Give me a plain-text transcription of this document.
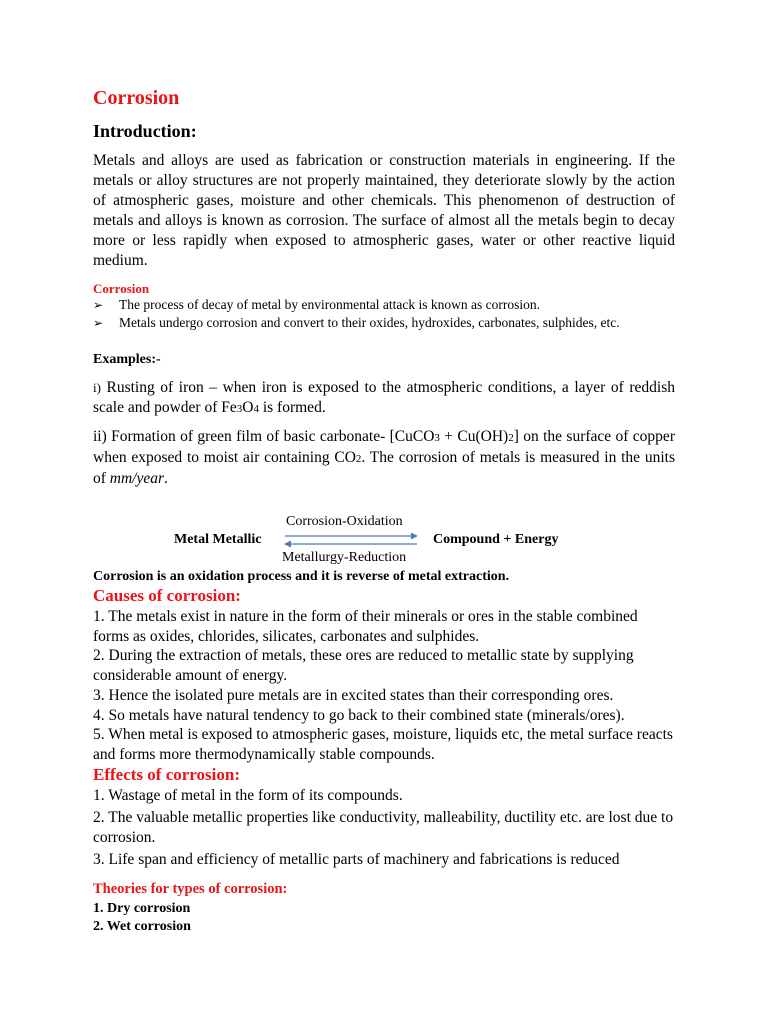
Corrosion
Introduction:

Metals and alloys are used as fabrication or construction materials in engineering. If the metals or alloy structures are not properly maintained, they deteriorate slowly by the action of atmospheric gases, moisture and other chemicals. This phenomenon of destruction of metals and alloys is known as corrosion. The surface of almost all the metals begin to decay more or less rapidly when exposed to atmospheric gases, water or other reactive liquid medium.

Corrosion

➢ The process of decay of metal by environmental attack is known as corrosion.
➢ Metals undergo corrosion and convert to their oxides, hydroxides, carbonates, sulphides, etc.
Examples:-

i) Rusting of iron – when iron is exposed to the atmospheric conditions, a layer of reddish scale and powder of Fe3O4 is formed.

ii) Formation of green film of basic carbonate- [CuCO3 + Cu(OH)2] on the surface of copper when exposed to moist air containing CO2. The corrosion of metals is measured in the units of mm/year.

Corrosion-Oxidation
Metal Metallic	Compound + Energy
Metallurgy-Reduction
Corrosion is an oxidation process and it is reverse of metal extraction.
Causes of corrosion:
1. The metals exist in nature in the form of their minerals or ores in the stable combined forms as oxides, chlorides, silicates, carbonates and sulphides.
2. During the extraction of metals, these ores are reduced to metallic state by supplying considerable amount of energy.
3. Hence the isolated pure metals are in excited states than their corresponding ores.
4. So metals have natural tendency to go back to their combined state (minerals/ores).
5. When metal is exposed to atmospheric gases, moisture, liquids etc, the metal surface reacts and forms more thermodynamically stable compounds.
Effects of corrosion:
1. Wastage of metal in the form of its compounds.
2. The valuable metallic properties like conductivity, malleability, ductility etc. are lost due to corrosion.
3. Life span and efficiency of metallic parts of machinery and fabrications is reduced

Theories for types of corrosion:

1. Dry corrosion
2. Wet corrosion
